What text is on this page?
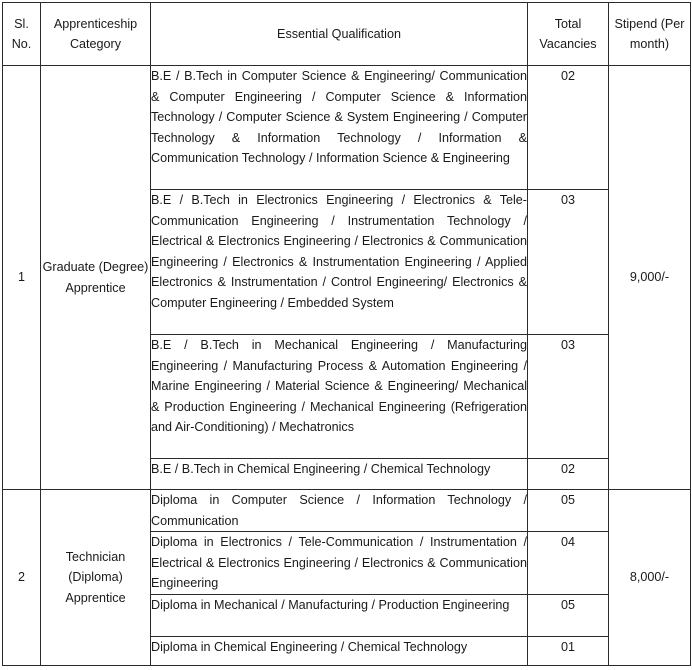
Sl. No.	Apprenticeship Category	Essential Qualification	Total Vacancies	Stipend (Per month)
1	Graduate (Degree) Apprentice	B.E / B.Tech in Computer Science & Engineering/ Communication & Computer Engineering / Computer Science & Information Technology / Computer Science & System Engineering / Computer Technology & Information Technology / Information & Communication Technology / Information Science & Engineering	02	9,000/-
		B.E / B.Tech in Electronics Engineering / Electronics & Tele-Communication Engineering / Instrumentation Technology / Electrical & Electronics Engineering / Electronics & Communication Engineering / Electronics & Instrumentation Engineering / Applied Electronics & Instrumentation / Control Engineering/ Electronics & Computer Engineering / Embedded System	03	
		B.E / B.Tech in Mechanical Engineering / Manufacturing Engineering / Manufacturing Process & Automation Engineering / Marine Engineering / Material Science & Engineering/ Mechanical & Production Engineering / Mechanical Engineering (Refrigeration and Air-Conditioning) / Mechatronics	03	
		B.E / B.Tech in Chemical Engineering / Chemical Technology	02	
2	Technician (Diploma) Apprentice	Diploma in Computer Science / Information Technology / Communication	05	8,000/-
		Diploma in Electronics / Tele-Communication / Instrumentation / Electrical & Electronics Engineering / Electronics & Communication Engineering	04	
		Diploma in Mechanical / Manufacturing / Production Engineering	05	
		Diploma in Chemical Engineering / Chemical Technology	01	
